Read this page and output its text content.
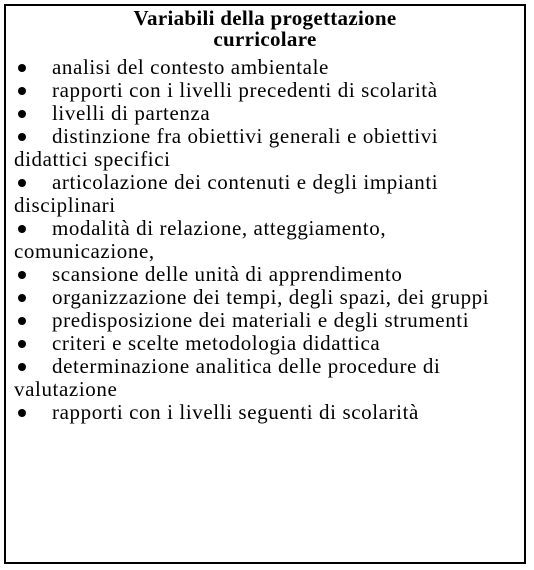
Variabili della progettazione
curricolare
analisi del contesto ambientale
rapporti con i livelli precedenti di scolarità
livelli di partenza
distinzione fra obiettivi generali e obiettivi didattici specifici
articolazione dei contenuti e degli impianti disciplinari
modalità di relazione, atteggiamento, comunicazione,
scansione delle unità di apprendimento
organizzazione dei tempi, degli spazi, dei gruppi
predisposizione dei materiali e degli strumenti
criteri e scelte metodologia didattica
determinazione analitica delle procedure di valutazione
rapporti con i livelli seguenti di scolarità
